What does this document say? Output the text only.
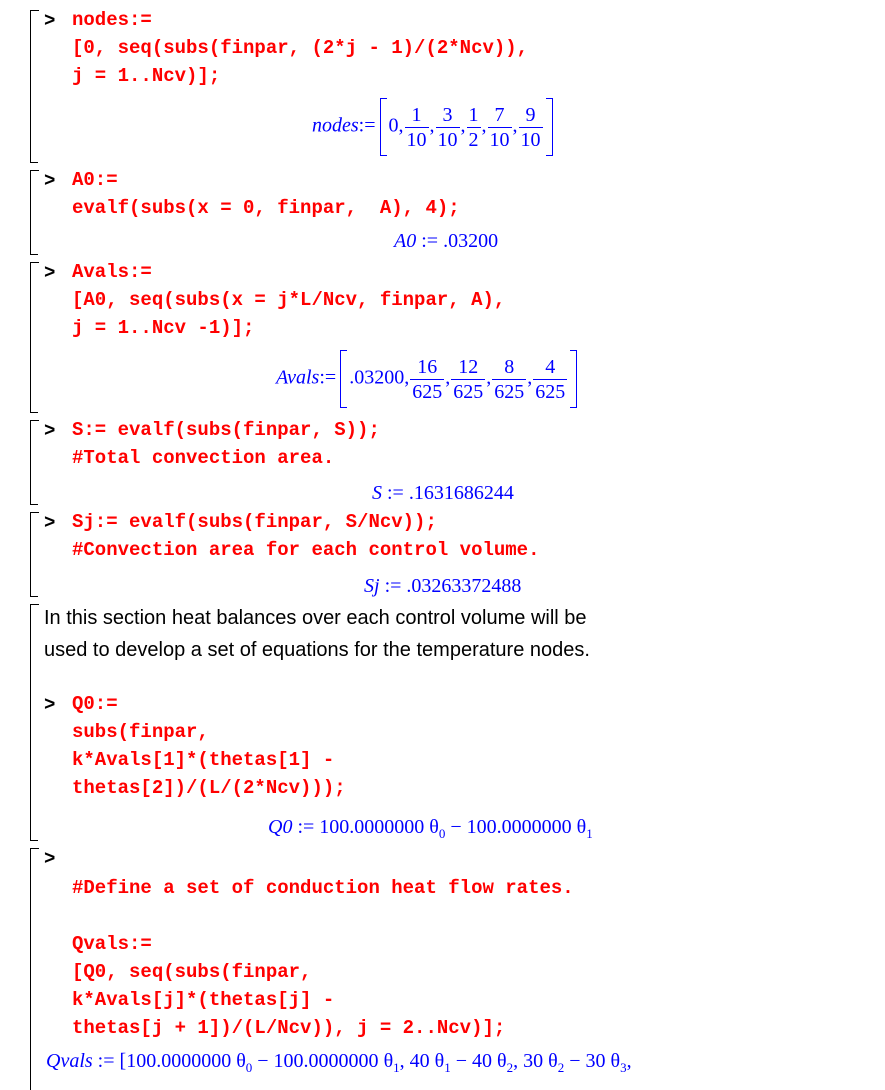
> nodes:=
[0, seq(subs(finpar, (2*j - 1)/(2*Ncv)),
j = 1..Ncv)];
nodes:= 0, $\frac{1}{10}$ , $\frac{3}{10}$ , $\frac{1}{2}$ , $\frac{7}{10}$ , $\frac{9}{10}$
> A0:=
evalf(subs(x = 0, finpar,  A), 4);
A0 := .03200
> Avals:=
[A0, seq(subs(x = j*L/Ncv, finpar, A),
j = 1..Ncv -1)];
Avals:= .03200, $\frac{16}{625}$ , $\frac{12}{625}$ , $\frac{8}{625}$ , $\frac{4}{625}$
> S:= evalf(subs(finpar, S));
#Total convection area.
S := .1631686244
> Sj:= evalf(subs(finpar, S/Ncv));
#Convection area for each control volume.
Sj := .03263372488
In this section heat balances over each control volume will be
used to develop a set of equations for the temperature nodes.
> Q0:=
subs(finpar,
k*Avals[1]*(thetas[1] -
thetas[2])/(L/(2*Ncv)));
Q0 := 100.0000000 $\theta_0 - 100.0000000$ $\theta_1$
>
#Define a set of conduction heat flow rates.
Qvals:=
[Q0, seq(subs(finpar,
k*Avals[j]*(thetas[j] -
thetas[j + 1])/(L/Ncv)), j = 2..Ncv)];
Qvals := [100.0000000 $\theta_0 - 100.0000000$ $\theta_1$, 40 $\theta_1 - 40$ $\theta_2$, 30 $\theta_2 - 30$ $\theta_3$,
